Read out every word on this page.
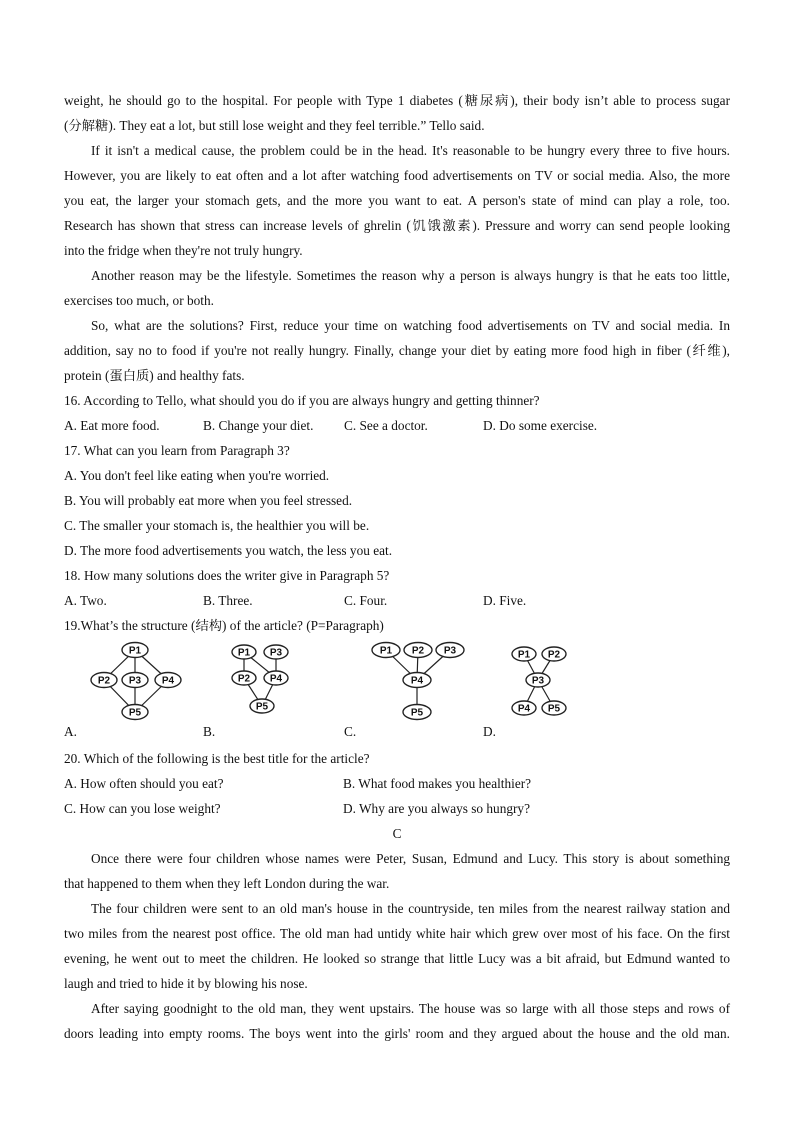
weight, he should go to the hospital. For people with Type 1 diabetes (糖尿病), their body isn’t able to process sugar
(分解糖). They eat a lot, but still lose weight and they feel terrible.” Tello said.
If it isn't a medical cause, the problem could be in the head. It's reasonable to be hungry every three to five hours.
However, you are likely to eat often and a lot after watching food advertisements on TV or social media. Also, the more
you eat, the larger your stomach gets, and the more you want to eat. A person's state of mind can play a role, too.
Research has shown that stress can increase levels of ghrelin (饥饿激素). Pressure and worry can send people looking
into the fridge when they're not truly hungry.
Another reason may be the lifestyle. Sometimes the reason why a person is always hungry is that he eats too little,
exercises too much, or both.
So, what are the solutions? First, reduce your time on watching food advertisements on TV and social media. In
addition, say no to food if you're not really hungry. Finally, change your diet by eating more food high in fiber (纤维),
protein (蛋白质) and healthy fats.
16. According to Tello, what should you do if you are always hungry and getting thinner?
A. Eat more food.	B. Change your diet.	C. See a doctor.	D. Do some exercise.
17. What can you learn from Paragraph 3?
A. You don't feel like eating when you're worried.
B. You will probably eat more when you feel stressed.
C. The smaller your stomach is, the healthier you will be.
D. The more food advertisements you watch, the less you eat.
18. How many solutions does the writer give in Paragraph 5?
A. Two.	B. Three.	C. Four.	D. Five.
19.What’s the structure (结构) of the article? (P=Paragraph)
A.
P1
P2 P3 P4
P5
B.
P1 P3
P2 P4
P5
C.
P1 P2 P3
P4
P5
D.
P1 P2
P3
P4 P5
20. Which of the following is the best title for the article?
A. How often should you eat?	B. What food makes you healthier?
C. How can you lose weight?	D. Why are you always so hungry?
C
Once there were four children whose names were Peter, Susan, Edmund and Lucy. This story is about something
that happened to them when they left London during the war.
The four children were sent to an old man's house in the countryside, ten miles from the nearest railway station and
two miles from the nearest post office. The old man had untidy white hair which grew over most of his face. On the first
evening, he went out to meet the children. He looked so strange that little Lucy was a bit afraid, but Edmund wanted to
laugh and tried to hide it by blowing his nose.
After saying goodnight to the old man, they went upstairs. The house was so large with all those steps and rows of
doors leading into empty rooms. The boys went into the girls' room and they argued about the house and the old man.
